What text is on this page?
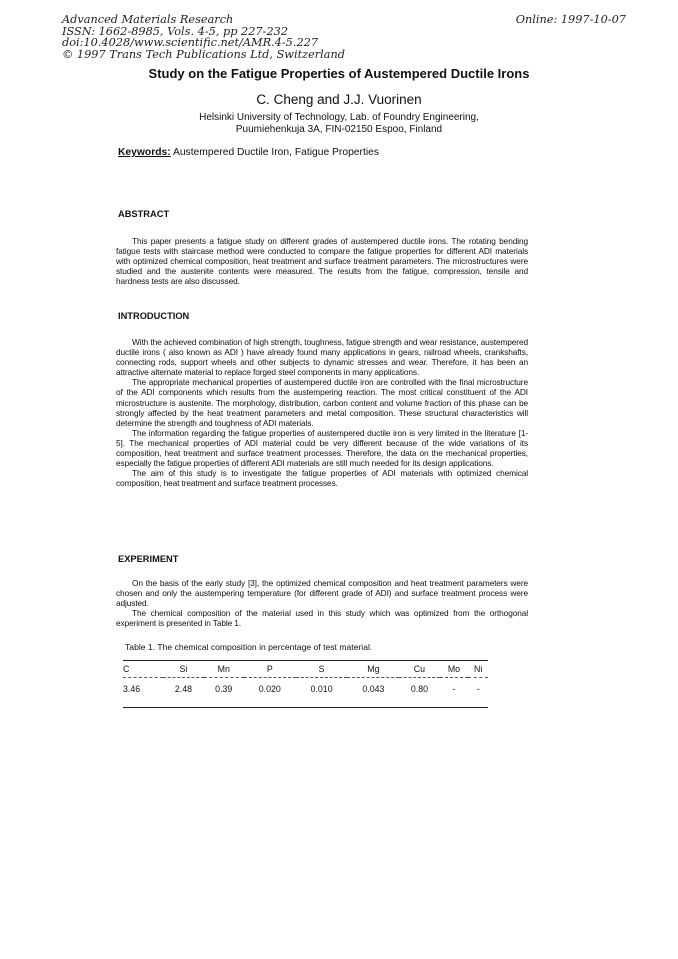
Advanced Materials Research
ISSN: 1662-8985, Vols. 4-5, pp 227-232
doi:10.4028/www.scientific.net/AMR.4-5.227
© 1997 Trans Tech Publications Ltd, Switzerland
Online: 1997-10-07
Study on the Fatigue Properties of Austempered Ductile Irons
C. Cheng and J.J. Vuorinen
Helsinki University of Technology, Lab. of Foundry Engineering,
Puumiehenkuja 3A, FIN-02150 Espoo, Finland
Keywords: Austempered Ductile Iron, Fatigue Properties
ABSTRACT

This paper presents a fatigue study on different grades of austempered ductile irons. The rotating bending fatigue tests with staircase method were conducted to compare the fatigue properties for different ADI materials with optimized chemical composition, heat treatment and surface treatment parameters. The microstructures were studied and the austenite contents were measured. The results from the fatigue, compression, tensile and hardness tests are also discussed.

INTRODUCTION

With the achieved combination of high strength, toughness, fatigue strength and wear resistance, austempered ductile irons ( also known as ADI ) have already found many applications in gears, railroad wheels, crankshafts, connecting rods, support wheels and other subjects to dynamic stresses and wear. Therefore, it has been an attractive alternate material to replace forged steel components in many applications.

The appropriate mechanical properties of austempered ductile iron are controlled with the final microstructure of the ADI components which results from the austempering reaction. The most critical constituent of the ADI microstructure is austenite. The morphology, distribution, carbon content and volume fraction of this phase can be strongly affected by the heat treatment parameters and metal composition. These structural characteristics will determine the strength and toughness of ADI materials.

The information regarding the fatigue properties of austempered ductile iron is very limited in the literature [1-5]. The mechanical properties of ADI material could be very different because of the wide variations of its composition, heat treatment and surface treatment processes. Therefore, the data on the mechanical properties, especially the fatigue properties of different ADI materials are still much needed for its design applications.

The aim of this study is to investigate the fatigue properties of ADI materials with optimized chemical composition, heat treatment and surface treatment processes.

EXPERIMENT

On the basis of the early study [3], the optimized chemical composition and heat treatment parameters were chosen and only the austempering temperature (for different grade of ADI) and surface treatment process were adjusted.

The chemical composition of the material used in this study which was optimized from the orthogonal experiment is presented in Table 1.

Table 1. The chemical composition in percentage of test material.
C	Si	Mn	P	S	Mg	Cu	Mo	Ni
3.46	2.48	0.39	0.020	0.010	0.043	0.80	-	-
